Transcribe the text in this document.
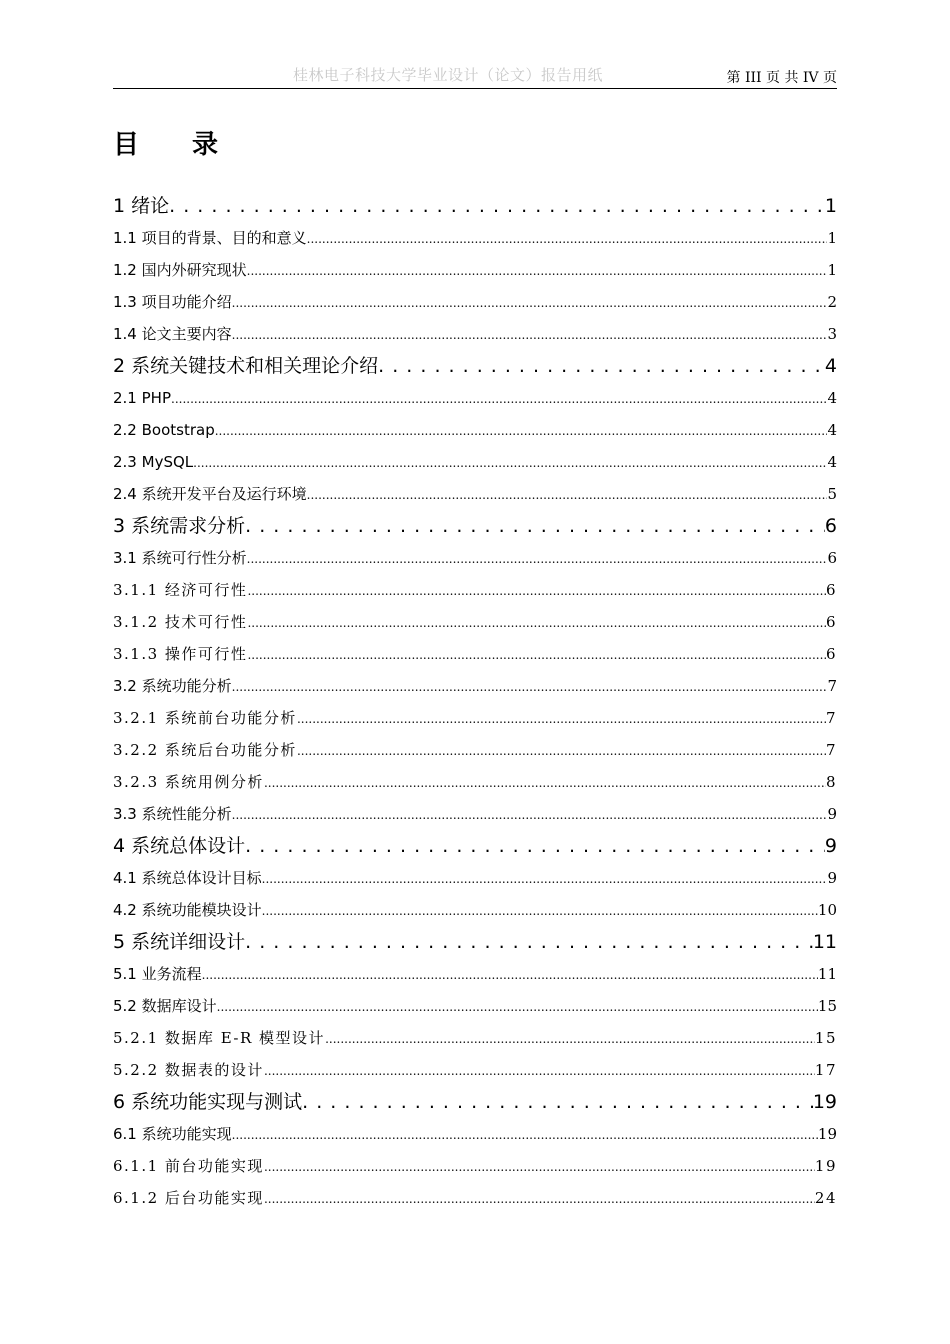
桂林电子科技大学毕业设计（论文）报告用纸	第 III 页 共 IV 页
目 录
1 绪论 . . .	1
1.1 项目的背景、目的和意义 .....	1
1.2 国内外研究现状 .....	1
1.3 项目功能介绍 .....	2
1.4 论文主要内容 .....	3
2 系统关键技术和相关理论介绍 . . .	4
2.1 PHP .....	4
2.2 Bootstrap .....	4
2.3 MySQL .....	4
2.4 系统开发平台及运行环境 .....	5
3 系统需求分析 . . .	6
3.1 系统可行性分析 .....	6
3.1.1 经济可行性 .....	6
3.1.2 技术可行性 .....	6
3.1.3 操作可行性 .....	6
3.2 系统功能分析 .....	7
3.2.1 系统前台功能分析 .....	7
3.2.2 系统后台功能分析 .....	7
3.2.3 系统用例分析 .....	8
3.3 系统性能分析 .....	9
4 系统总体设计 . . .	9
4.1 系统总体设计目标 .....	9
4.2 系统功能模块设计 .....	10
5 系统详细设计 . . .	11
5.1 业务流程 .....	11
5.2 数据库设计 .....	15
5.2.1 数据库 E-R 模型设计 .....	15
5.2.2 数据表的设计 .....	17
6 系统功能实现与测试 . . .	19
6.1 系统功能实现 .....	19
6.1.1 前台功能实现 .....	19
6.1.2 后台功能实现 .....	24
